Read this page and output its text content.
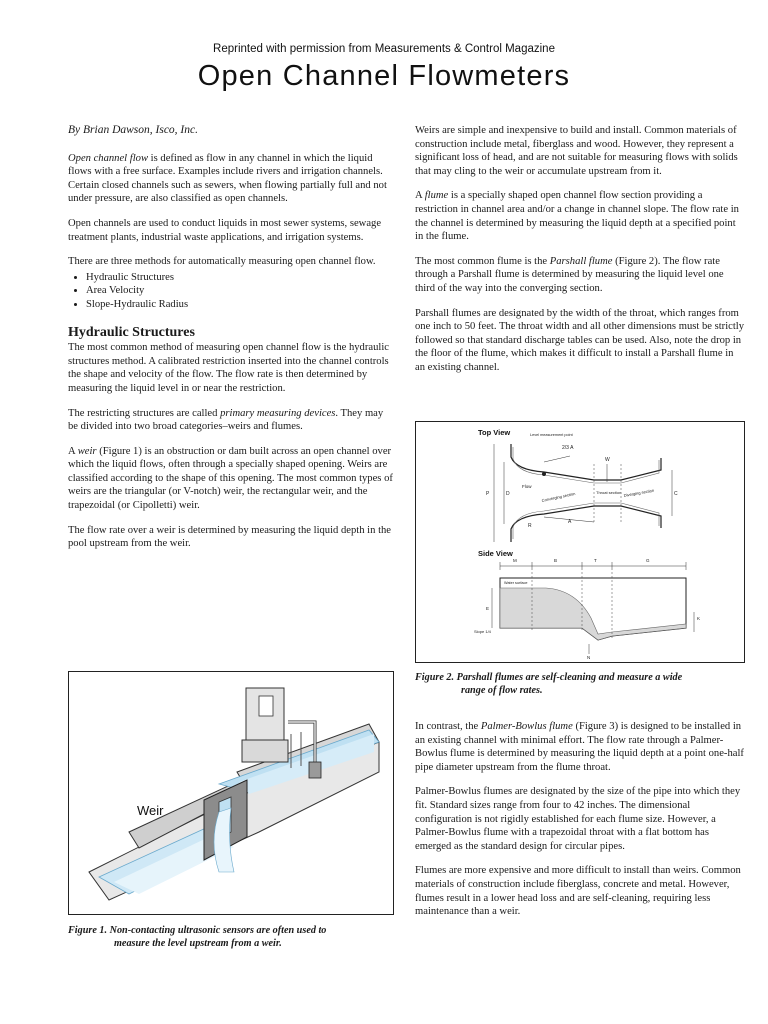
Reprinted with permission from Measurements & Control Magazine
Open Channel Flowmeters

By Brian Dawson, Isco, Inc.

Open channel flow is defined as flow in any channel in which the liquid flows with a free surface. Examples include rivers and irrigation channels. Certain closed channels such as sewers, when flowing partially full and not under pressure, are also classified as open channels.

Open channels are used to conduct liquids in most sewer systems, sewage treatment plants, industrial waste applications, and irrigation systems.

There are three methods for automatically measuring open channel flow.

• Hydraulic Structures
• Area Velocity
• Slope-Hydraulic Radius
Hydraulic Structures

The most common method of measuring open channel flow is the hydraulic structures method. A calibrated restriction inserted into the channel controls the shape and velocity of the flow. The flow rate is then determined by measuring the liquid level in or near the restriction.

The restricting structures are called primary measuring devices. They may be divided into two broad categories–weirs and flumes.

A weir (Figure 1) is an obstruction or dam built across an open channel over which the liquid flows, often through a specially shaped opening. Weirs are classified according to the shape of this opening. The most common types of weirs are the triangular (or V-notch) weir, the rectangular weir, and the trapezoidal (or Cipolletti) weir.

The flow rate over a weir is determined by measuring the liquid depth in the pool upstream from the weir.

Weir
Figure 1. Non-contacting ultrasonic sensors are often used to
measure the level upstream from a weir.

Weirs are simple and inexpensive to build and install. Common materials of construction include metal, fiberglass and wood. However, they represent a significant loss of head, and are not suitable for measuring flows with solids that may cling to the weir or accumulate upstream from it.

A flume is a specially shaped open channel flow section providing a restriction in channel area and/or a change in channel slope. The flow rate in the channel is determined by measuring the liquid depth at a specified point in the flume.

The most common flume is the Parshall flume (Figure 2). The flow rate through a Parshall flume is determined by measuring the liquid level one third of the way into the converging section.

Parshall flumes are designated by the width of the throat, which ranges from one inch to 50 feet. The throat width and all other dimensions must be strictly followed so that standard discharge tables can be used. Also, note the drop in the floor of the flume, which makes it difficult to install a Parshall flume in an existing channel.

Top View	Level measurement point
2/3 A
W
D
P	C
A
R
Flow
Converging section	Throat section Diverging section
Side View
M	B	T	G
Water surface
E
K
N
Slope 1/4
Figure 2. Parshall flumes are self-cleaning and measure a wide
range of flow rates.

In contrast, the Palmer-Bowlus flume (Figure 3) is designed to be installed in an existing channel with minimal effort. The flow rate through a Palmer-Bowlus flume is determined by measuring the liquid depth at a point one-half pipe diameter upstream from the flume throat.

Palmer-Bowlus flumes are designated by the size of the pipe into which they fit. Standard sizes range from four to 42 inches. The dimensional configuration is not rigidly established for each flume size. However, a Palmer-Bowlus flume with a trapezoidal throat with a flat bottom has emerged as the standard design for circular pipes.

Flumes are more expensive and more difficult to install than weirs. Common materials of construction include fiberglass, concrete and metal. However, flumes result in a lower head loss and are self-cleaning, requiring less maintenance than a weir.
